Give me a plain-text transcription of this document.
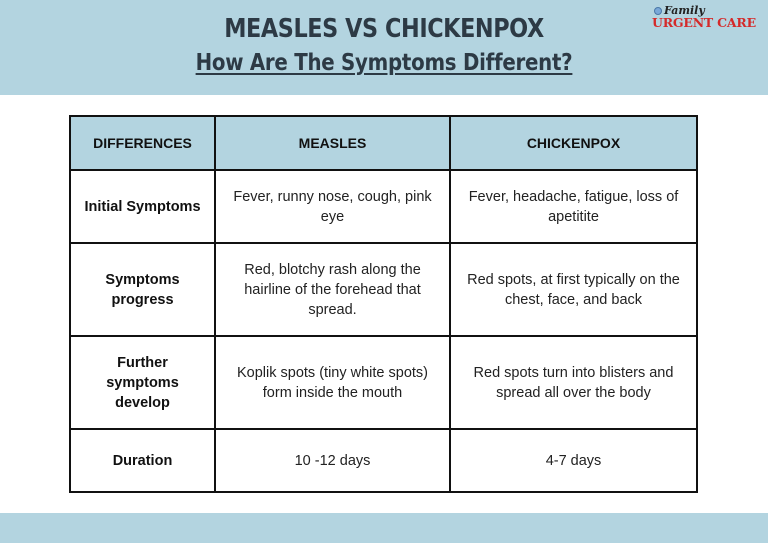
MEASLES VS CHICKENPOX
How Are The Symptoms Different?
Family
URGENT CARE
DIFFERENCES	MEASLES	CHICKENPOX
Initial Symptoms	Fever, runny nose, cough, pink eye	Fever, headache, fatigue, loss of apetitite
Symptoms progress	Red, blotchy rash along the hairline of the forehead that spread.	Red spots, at first typically on the chest, face, and back
Further symptoms develop	Koplik spots (tiny white spots) form inside the mouth	Red spots turn into blisters and spread all over the body
Duration	10 -12 days	4-7 days
